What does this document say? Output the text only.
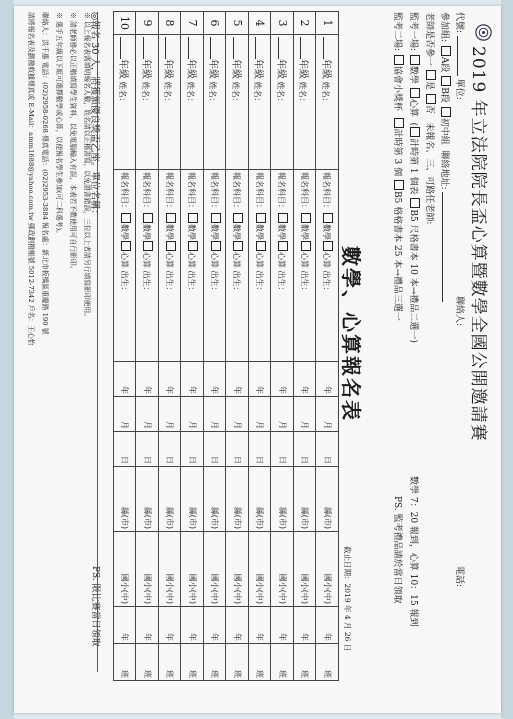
2019 年立法院院長盃心算暨數學全國公開邀請賽
代號:  單位:
聯絡人:
電話:
參加組: A段 B段 初中組  聯絡地址:
老師是否參一 是 否   未報名、三、可路任老師:
監考一場: 數學 心算  (計時第 1 個表 B5 尺格書本 10 本→禮品二選一)
數學 7：20 報到，心算 10：15 報到
監考二場: 協會小獎杯  計時第 3 個 B5 格格書本 25 本→禮品三選一
PS. 監考禮品請於當日領取
數學、心算報名表
截止日期：2019 年 4 月 26 日
1	年級 姓名：	報名科目：數學心算 出生：	年	月	日	縣(市)	國小(中)	年	班
2	年級 姓名：	報名科目：數學心算 出生：	年	月	日	縣(市)	國小(中)	年	班
3	年級 姓名：	報名科目：數學心算 出生：	年	月	日	縣(市)	國小(中)	年	班
4	年級 姓名：	報名科目：數學心算 出生：	年	月	日	縣(市)	國小(中)	年	班
5	年級 姓名：	報名科目：數學心算 出生：	年	月	日	縣(市)	國小(中)	年	班
6	年級 姓名：	報名科目：數學心算 出生：	年	月	日	縣(市)	國小(中)	年	班
7	年級 姓名：	報名科目：數學心算 出生：	年	月	日	縣(市)	國小(中)	年	班
8	年級 姓名：	報名科目：數學心算 出生：	年	月	日	縣(市)	國小(中)	年	班
9	年級 姓名：	報名科目：數學心算 出生：	年	月	日	縣(市)	國小(中)	年	班
10	年級 姓名：	報名科目：數學心算 出生：	年	月	日	縣(市)	國小(中)	年	班
◎報名 30 人，將獲頒優良獎盃乙座。單位名稱：
PS. 限比賽當日領取
※ 以上報名表需填明報名人數，姓名請以正楷書寫，以免證書錯誤，三位以上者請另行填寫影印使用。
※ 請老師務必以正楷填寫學生資料，以免電腦輸入有誤，本表若不敷使用可自行影印。
※ 選手五年級以下組可選擇數學或心算，以便報名學生參加(可二科選考)。
聯絡人：洪千惠 電話：(02)2958-0268 傳真電話：(02)2953-3884 報名處：新北市板橋區重慶路 190 號
請將報名表及劃撥收據傳真或 E-Mail：amm1688@yahoo.com.tw 郵政劃撥帳號 5012-7342 戶名：王心怡
